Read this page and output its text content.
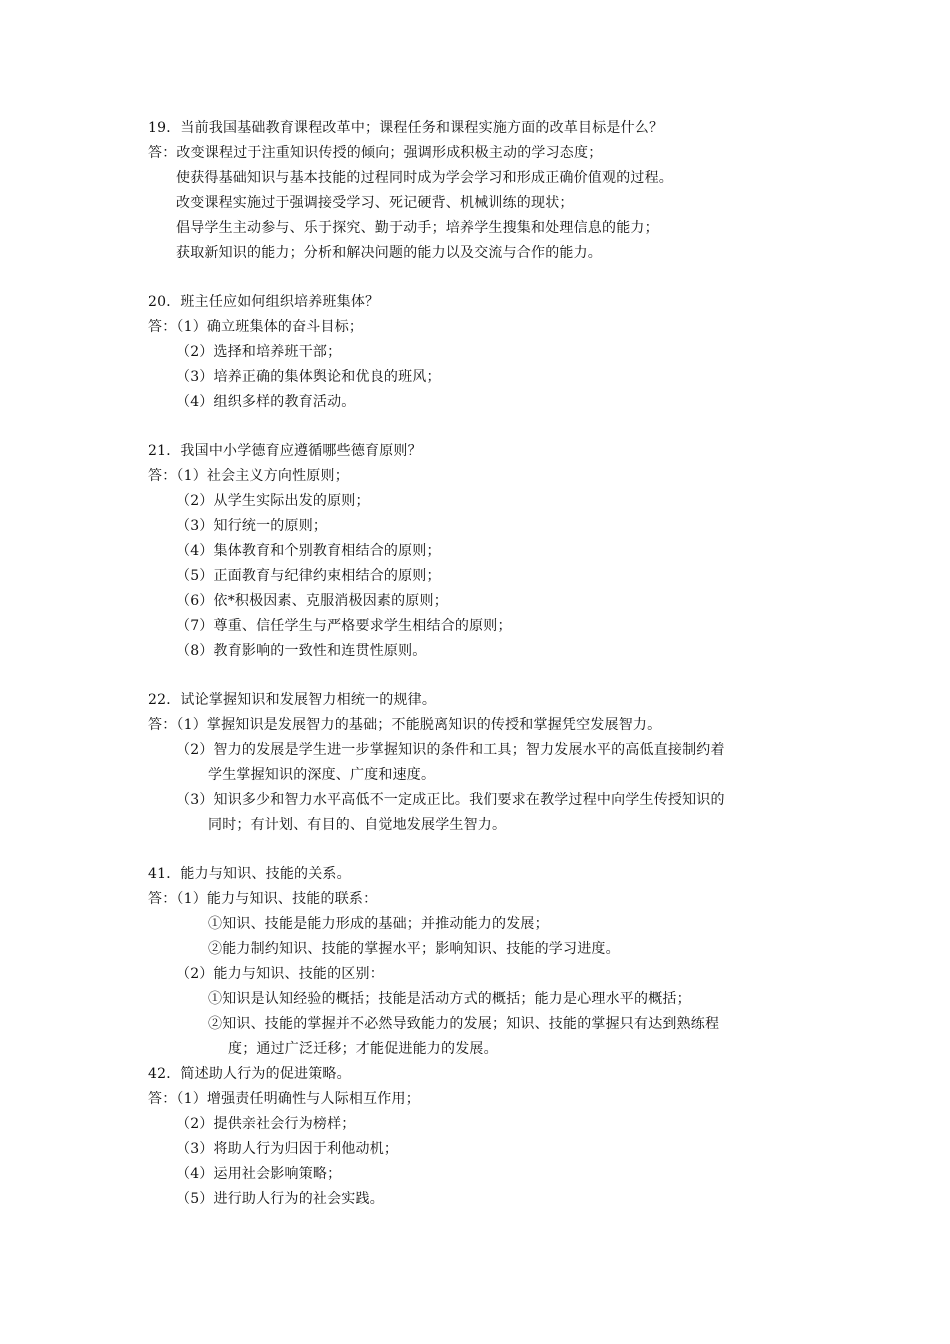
19．当前我国基础教育课程改革中；课程任务和课程实施方面的改革目标是什么？
答：改变课程过于注重知识传授的倾向；强调形成积极主动的学习态度；
使获得基础知识与基本技能的过程同时成为学会学习和形成正确价值观的过程。
改变课程实施过于强调接受学习、死记硬背、机械训练的现状；
倡导学生主动参与、乐于探究、勤于动手；培养学生搜集和处理信息的能力；
获取新知识的能力；分析和解决问题的能力以及交流与合作的能力。
20．班主任应如何组织培养班集体？
答：（1）确立班集体的奋斗目标；
（2）选择和培养班干部；
（3）培养正确的集体舆论和优良的班风；
（4）组织多样的教育活动。
21．我国中小学德育应遵循哪些德育原则？
答：（1）社会主义方向性原则；
（2）从学生实际出发的原则；
（3）知行统一的原则；
（4）集体教育和个别教育相结合的原则；
（5）正面教育与纪律约束相结合的原则；
（6）依*积极因素、克服消极因素的原则；
（7）尊重、信任学生与严格要求学生相结合的原则；
（8）教育影响的一致性和连贯性原则。
22．试论掌握知识和发展智力相统一的规律。
答：（1）掌握知识是发展智力的基础；不能脱离知识的传授和掌握凭空发展智力。
（2）智力的发展是学生进一步掌握知识的条件和工具；智力发展水平的高低直接制约着
学生掌握知识的深度、广度和速度。
（3）知识多少和智力水平高低不一定成正比。我们要求在教学过程中向学生传授知识的
同时；有计划、有目的、自觉地发展学生智力。
41．能力与知识、技能的关系。
答：（1）能力与知识、技能的联系：
①知识、技能是能力形成的基础；并推动能力的发展；
②能力制约知识、技能的掌握水平；影响知识、技能的学习进度。
（2）能力与知识、技能的区别：
①知识是认知经验的概括；技能是活动方式的概括；能力是心理水平的概括；
②知识、技能的掌握并不必然导致能力的发展；知识、技能的掌握只有达到熟练程
度；通过广泛迁移；才能促进能力的发展。
42．简述助人行为的促进策略。
答：（1）增强责任明确性与人际相互作用；
（2）提供亲社会行为榜样；
（3）将助人行为归因于利他动机；
（4）运用社会影响策略；
（5）进行助人行为的社会实践。
